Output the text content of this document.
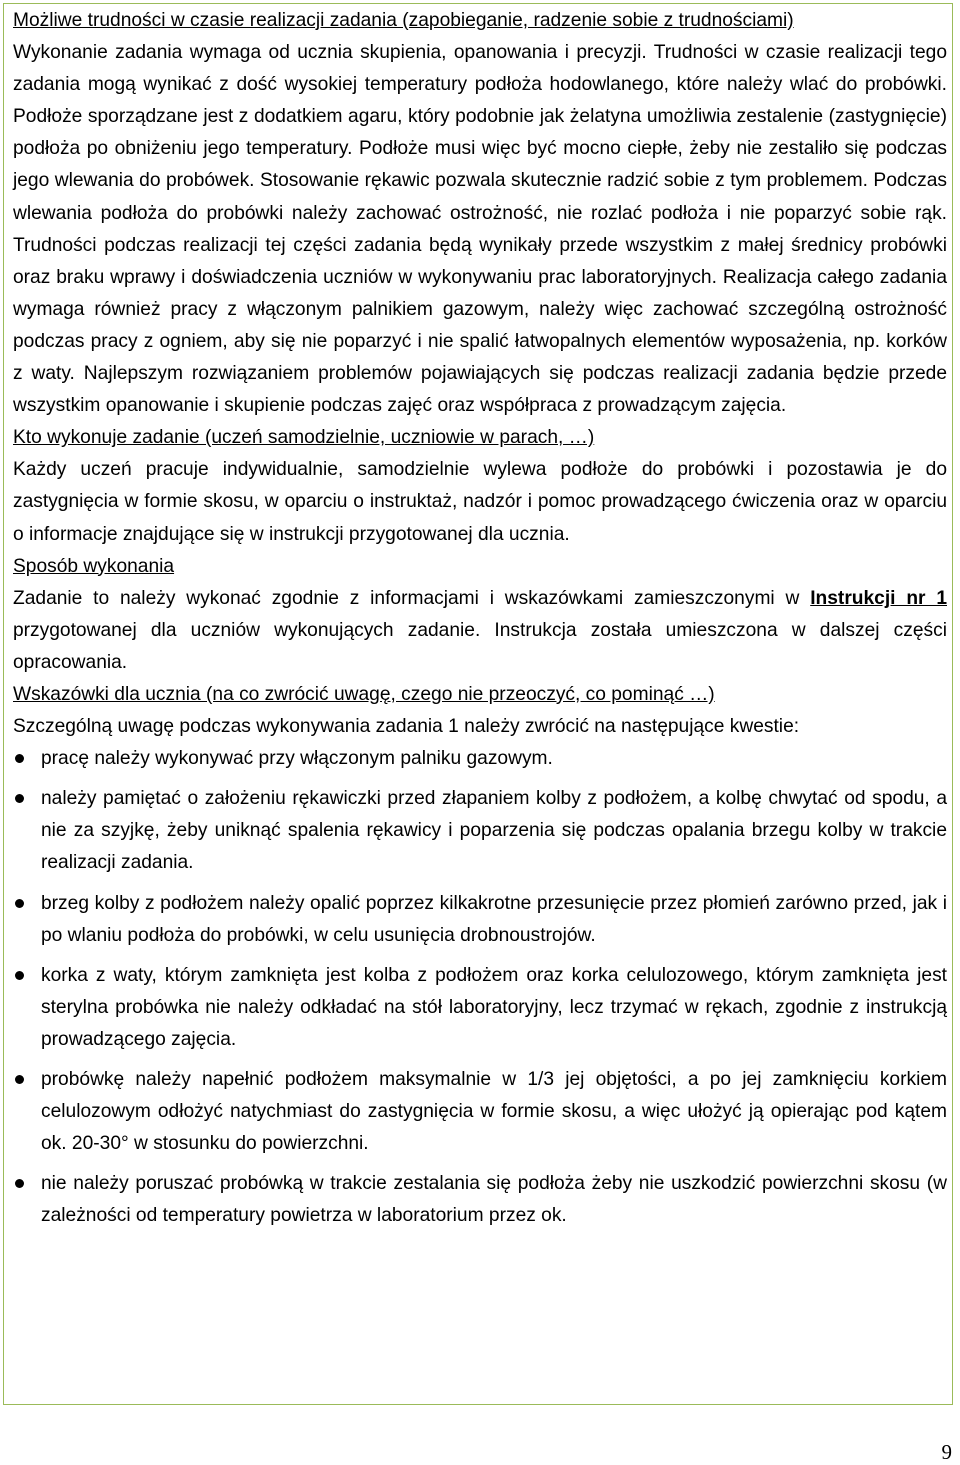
Możliwe trudności w czasie realizacji zadania (zapobieganie, radzenie sobie z trudnościami)

Wykonanie zadania wymaga od ucznia skupienia, opanowania i precyzji. Trudności w czasie realizacji tego zadania mogą wynikać z dość wysokiej temperatury podłoża hodowlanego, które należy wlać do probówki. Podłoże sporządzane jest z dodatkiem agaru, który podobnie jak żelatyna umożliwia zestalenie (zastygnięcie) podłoża po obniżeniu jego temperatury. Podłoże musi więc być mocno ciepłe, żeby nie zestaliło się podczas jego wlewania do probówek. Stosowanie rękawic pozwala skutecznie radzić sobie z tym problemem. Podczas wlewania podłoża do probówki należy zachować ostrożność, nie rozlać podłoża i nie poparzyć sobie rąk. Trudności podczas realizacji tej części zadania będą wynikały przede wszystkim z małej średnicy probówki oraz braku wprawy i doświadczenia uczniów w wykonywaniu prac laboratoryjnych. Realizacja całego zadania wymaga również pracy z włączonym palnikiem gazowym, należy więc zachować szczególną ostrożność podczas pracy z ogniem, aby się nie poparzyć i nie spalić łatwopalnych elementów wyposażenia, np. korków z waty. Najlepszym rozwiązaniem problemów pojawiających się podczas realizacji zadania będzie przede wszystkim opanowanie i skupienie podczas zajęć oraz współpraca z prowadzącym zajęcia.

Kto wykonuje zadanie (uczeń samodzielnie, uczniowie w parach, …)

Każdy uczeń pracuje indywidualnie, samodzielnie wylewa podłoże do probówki i pozostawia je do zastygnięcia w formie skosu, w oparciu o instruktaż, nadzór i pomoc prowadzącego ćwiczenia oraz w oparciu o informacje znajdujące się w instrukcji przygotowanej dla ucznia.

Sposób wykonania

Zadanie to należy wykonać zgodnie z informacjami i wskazówkami zamieszczonymi w Instrukcji nr 1 przygotowanej dla uczniów wykonujących zadanie. Instrukcja została umieszczona w dalszej części opracowania.

Wskazówki dla ucznia (na co zwrócić uwagę, czego nie przeoczyć, co pominąć …)

Szczególną uwagę podczas wykonywania zadania 1 należy zwrócić na następujące kwestie:

pracę należy wykonywać przy włączonym palniku gazowym.
należy pamiętać o założeniu rękawiczki przed złapaniem kolby z podłożem, a kolbę chwytać od spodu, a nie za szyjkę, żeby uniknąć spalenia rękawicy i poparzenia się podczas opalania brzegu kolby w trakcie realizacji zadania.
brzeg kolby z podłożem należy opalić poprzez kilkakrotne przesunięcie przez płomień zarówno przed, jak i po wlaniu podłoża do probówki, w celu usunięcia drobnoustrojów.
korka z waty, którym zamknięta jest kolba z podłożem oraz korka celulozowego, którym zamknięta jest sterylna probówka nie należy odkładać na stół laboratoryjny, lecz trzymać w rękach, zgodnie z instrukcją prowadzącego zajęcia.
probówkę należy napełnić podłożem maksymalnie w 1/3 jej objętości, a po jej zamknięciu korkiem celulozowym odłożyć natychmiast do zastygnięcia w formie skosu, a więc ułożyć ją opierając pod kątem ok. 20-30° w stosunku do powierzchni.
nie należy poruszać probówką w trakcie zestalania się podłoża żeby nie uszkodzić powierzchni skosu (w zależności od temperatury powietrza w laboratorium przez ok.
9
